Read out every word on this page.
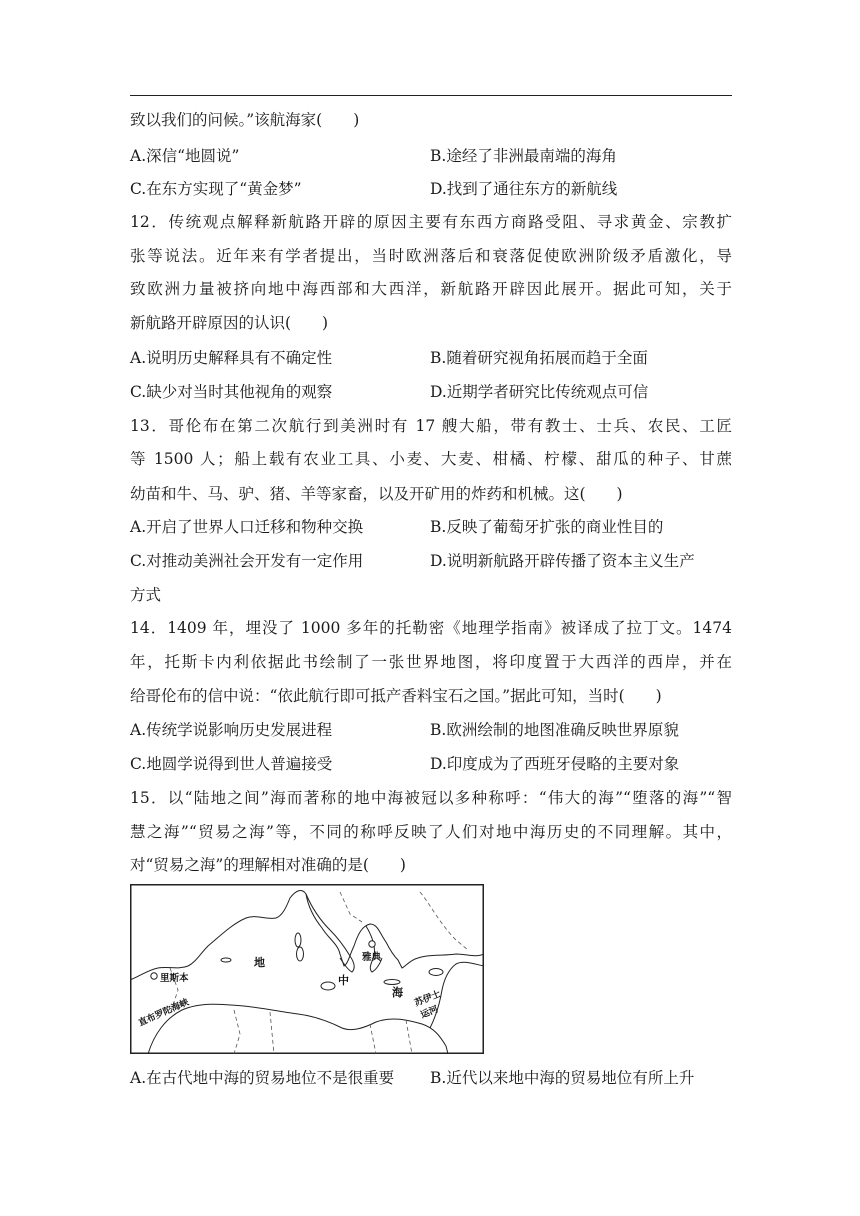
致以我们的问候。”该航海家(　　)
A.深信“地圆说”	B.途经了非洲最南端的海角
C.在东方实现了“黄金梦”	D.找到了通往东方的新航线
12．传统观点解释新航路开辟的原因主要有东西方商路受阻、寻求黄金、宗教扩
张等说法。近年来有学者提出，当时欧洲落后和衰落促使欧洲阶级矛盾激化，导
致欧洲力量被挤向地中海西部和大西洋，新航路开辟因此展开。据此可知，关于
新航路开辟原因的认识(　　)
A.说明历史解释具有不确定性	B.随着研究视角拓展而趋于全面
C.缺少对当时其他视角的观察	D.近期学者研究比传统观点可信
13．哥伦布在第二次航行到美洲时有 17 艘大船，带有教士、士兵、农民、工匠
等 1500 人；船上载有农业工具、小麦、大麦、柑橘、柠檬、甜瓜的种子、甘蔗
幼苗和牛、马、驴、猪、羊等家畜，以及开矿用的炸药和机械。这(　　)
A.开启了世界人口迁移和物种交换	B.反映了葡萄牙扩张的商业性目的
C.对推动美洲社会开发有一定作用	D.说明新航路开辟传播了资本主义生产
方式
14．1409 年，埋没了 1000 多年的托勒密《地理学指南》被译成了拉丁文。1474
年，托斯卡内利依据此书绘制了一张世界地图，将印度置于大西洋的西岸，并在
给哥伦布的信中说：“依此航行即可抵产香料宝石之国。”据此可知，当时(　　)
A.传统学说影响历史发展进程	B.欧洲绘制的地图准确反映世界原貌
C.地圆学说得到世人普遍接受	D.印度成为了西班牙侵略的主要对象
15．以“陆地之间”海而著称的地中海被冠以多种称呼：“伟大的海”“堕落的海”“智
慧之海”“贸易之海”等，不同的称呼反映了人们对地中海历史的不同理解。其中，
对“贸易之海”的理解相对准确的是(　　)
里斯本
雅典
地
中
海
直布罗陀海峡	苏伊士
运河
A.在古代地中海的贸易地位不是很重要 B.近代以来地中海的贸易地位有所上升
